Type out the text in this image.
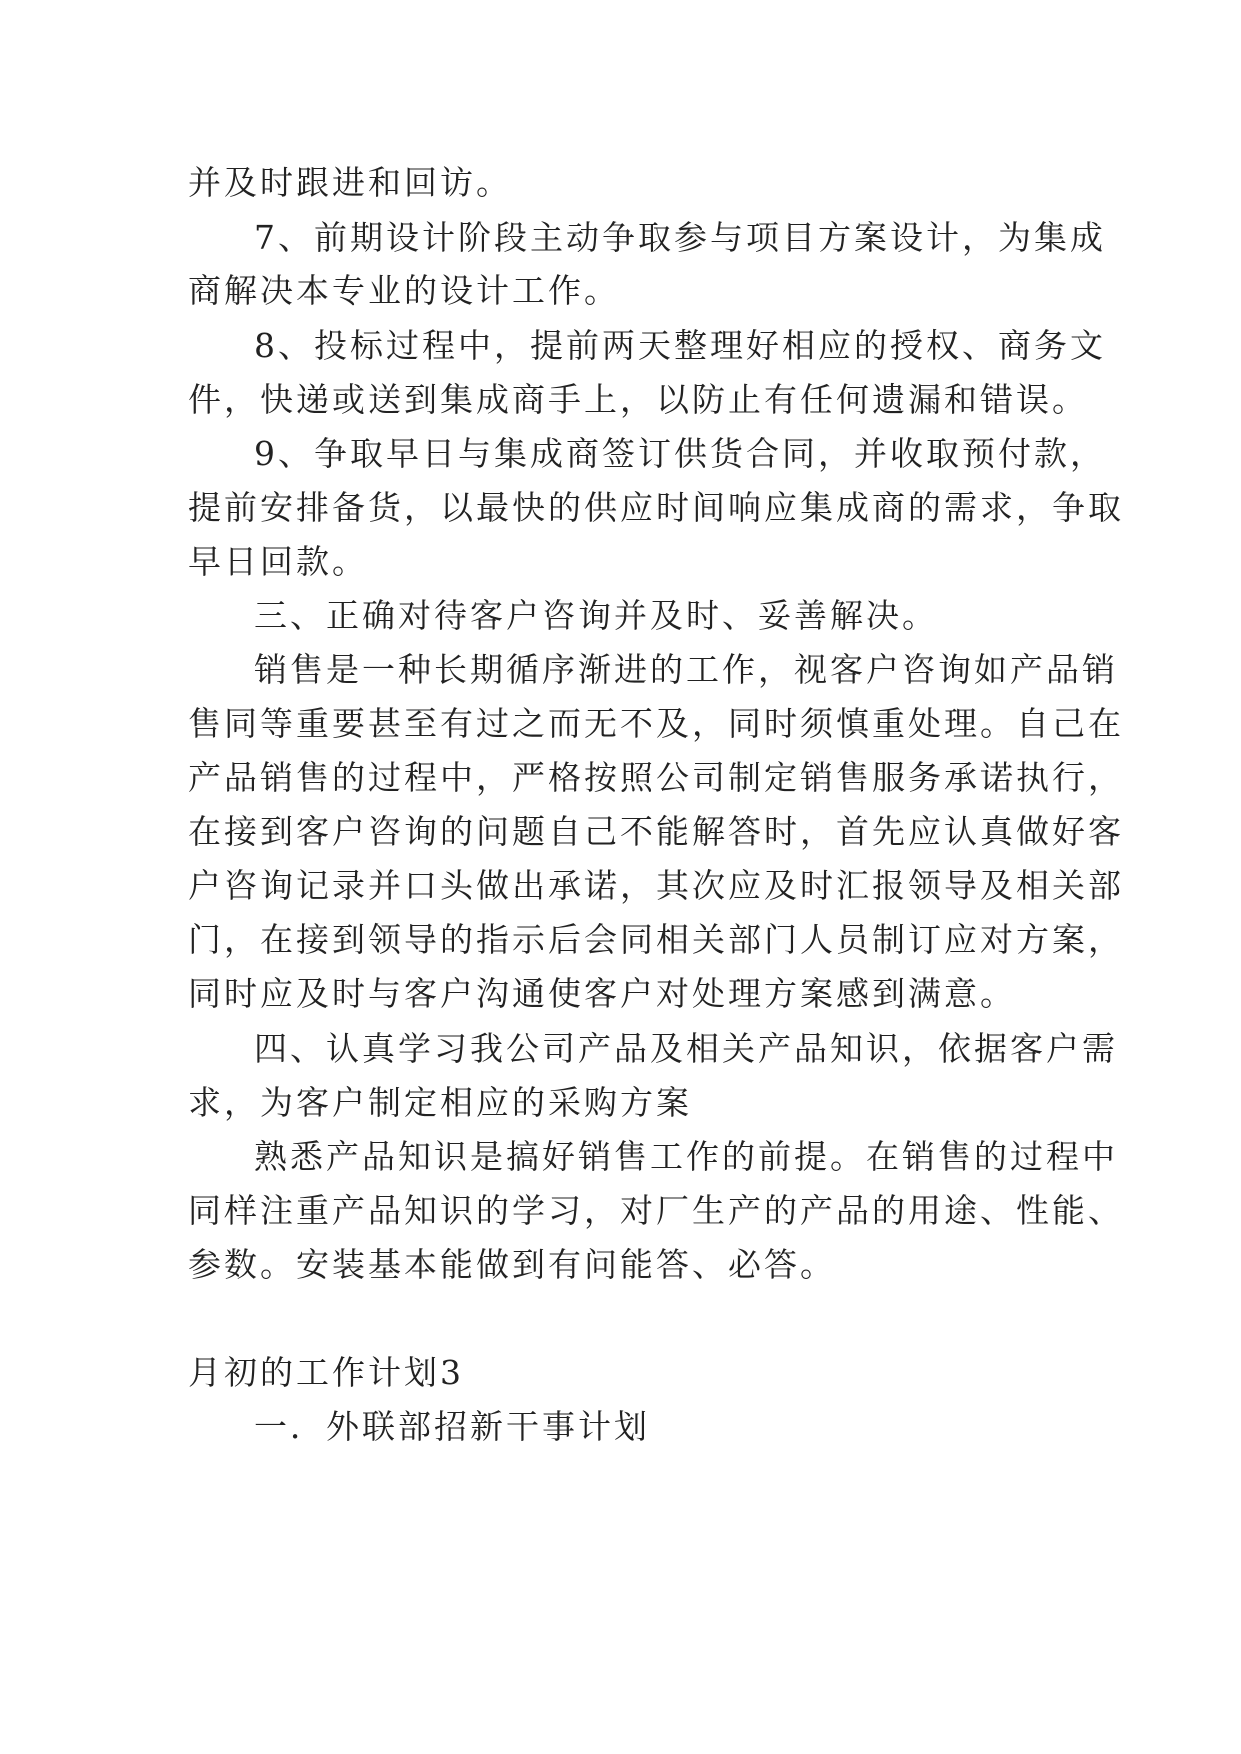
并及时跟进和回访。
7、前期设计阶段主动争取参与项目方案设计，为集成
商解决本专业的设计工作。
8、投标过程中，提前两天整理好相应的授权、商务文
件，快递或送到集成商手上，以防止有任何遗漏和错误。
9、争取早日与集成商签订供货合同，并收取预付款，
提前安排备货，以最快的供应时间响应集成商的需求，争取
早日回款。
三、正确对待客户咨询并及时、妥善解决。
销售是一种长期循序渐进的工作，视客户咨询如产品销
售同等重要甚至有过之而无不及，同时须慎重处理。自己在
产品销售的过程中，严格按照公司制定销售服务承诺执行，
在接到客户咨询的问题自己不能解答时，首先应认真做好客
户咨询记录并口头做出承诺，其次应及时汇报领导及相关部
门，在接到领导的指示后会同相关部门人员制订应对方案，
同时应及时与客户沟通使客户对处理方案感到满意。
四、认真学习我公司产品及相关产品知识，依据客户需
求，为客户制定相应的采购方案
熟悉产品知识是搞好销售工作的前提。在销售的过程中
同样注重产品知识的学习，对厂生产的产品的用途、性能、
参数。安装基本能做到有问能答、必答。
月初的工作计划3
一．外联部招新干事计划
